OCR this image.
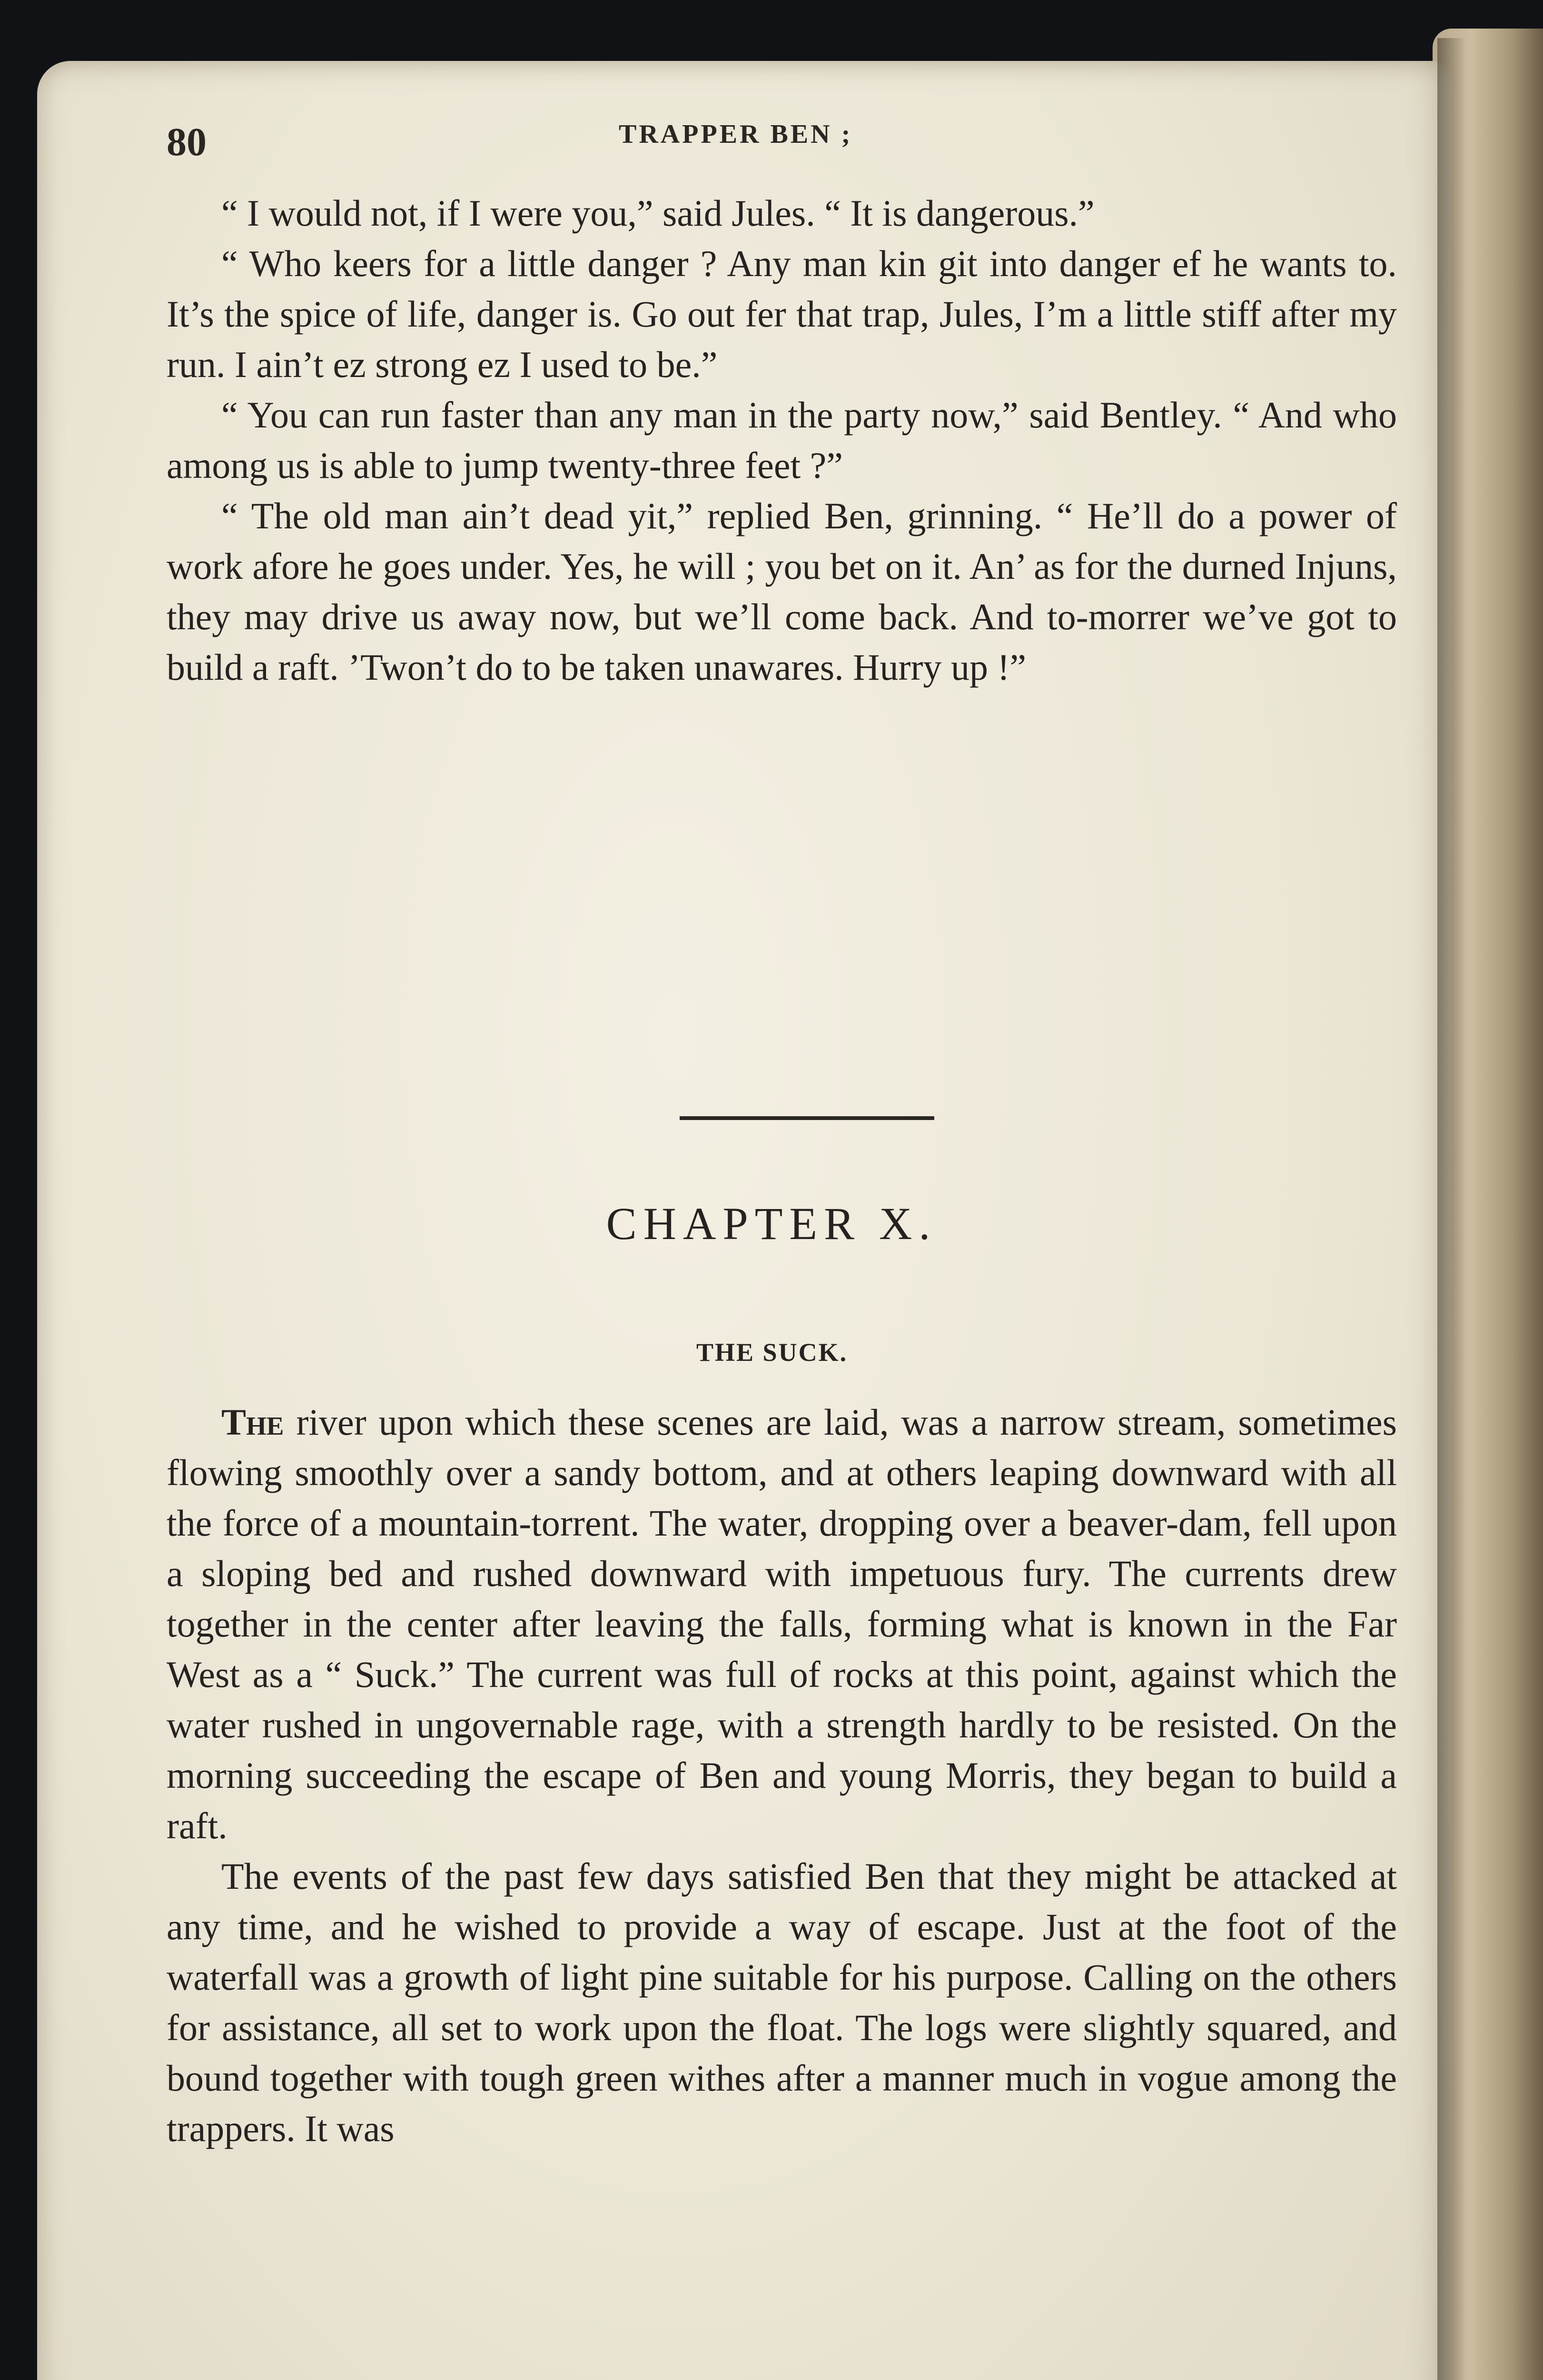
80	TRAPPER BEN ;

“ I would not, if I were you,” said Jules. “ It is dangerous.”

“ Who keers for a little danger ? Any man kin git into danger ef he wants to. It’s the spice of life, danger is. Go out fer that trap, Jules, I’m a little stiff after my run. I ain’t ez strong ez I used to be.”

“ You can run faster than any man in the party now,” said Bentley. “ And who among us is able to jump twenty-three feet ?”

“ The old man ain’t dead yit,” replied Ben, grinning. “ He’ll do a power of work afore he goes under. Yes, he will ; you bet on it. An’ as for the durned Injuns, they may drive us away now, but we’ll come back. And to-morrer we’ve got to build a raft. ’Twon’t do to be taken unawares. Hurry up !”

CHAPTER X.
THE SUCK.

The river upon which these scenes are laid, was a narrow stream, sometimes flowing smoothly over a sandy bottom, and at others leaping downward with all the force of a mountain-torrent. The water, dropping over a beaver-dam, fell upon a sloping bed and rushed downward with impetuous fury. The currents drew together in the center after leaving the falls, forming what is known in the Far West as a “ Suck.” The current was full of rocks at this point, against which the water rushed in ungovernable rage, with a strength hardly to be resisted. On the morning succeeding the escape of Ben and young Morris, they began to build a raft.

The events of the past few days satisfied Ben that they might be attacked at any time, and he wished to provide a way of escape. Just at the foot of the waterfall was a growth of light pine suitable for his purpose. Calling on the others for assistance, all set to work upon the float. The logs were slightly squared, and bound together with tough green withes after a manner much in vogue among the trappers. It was
